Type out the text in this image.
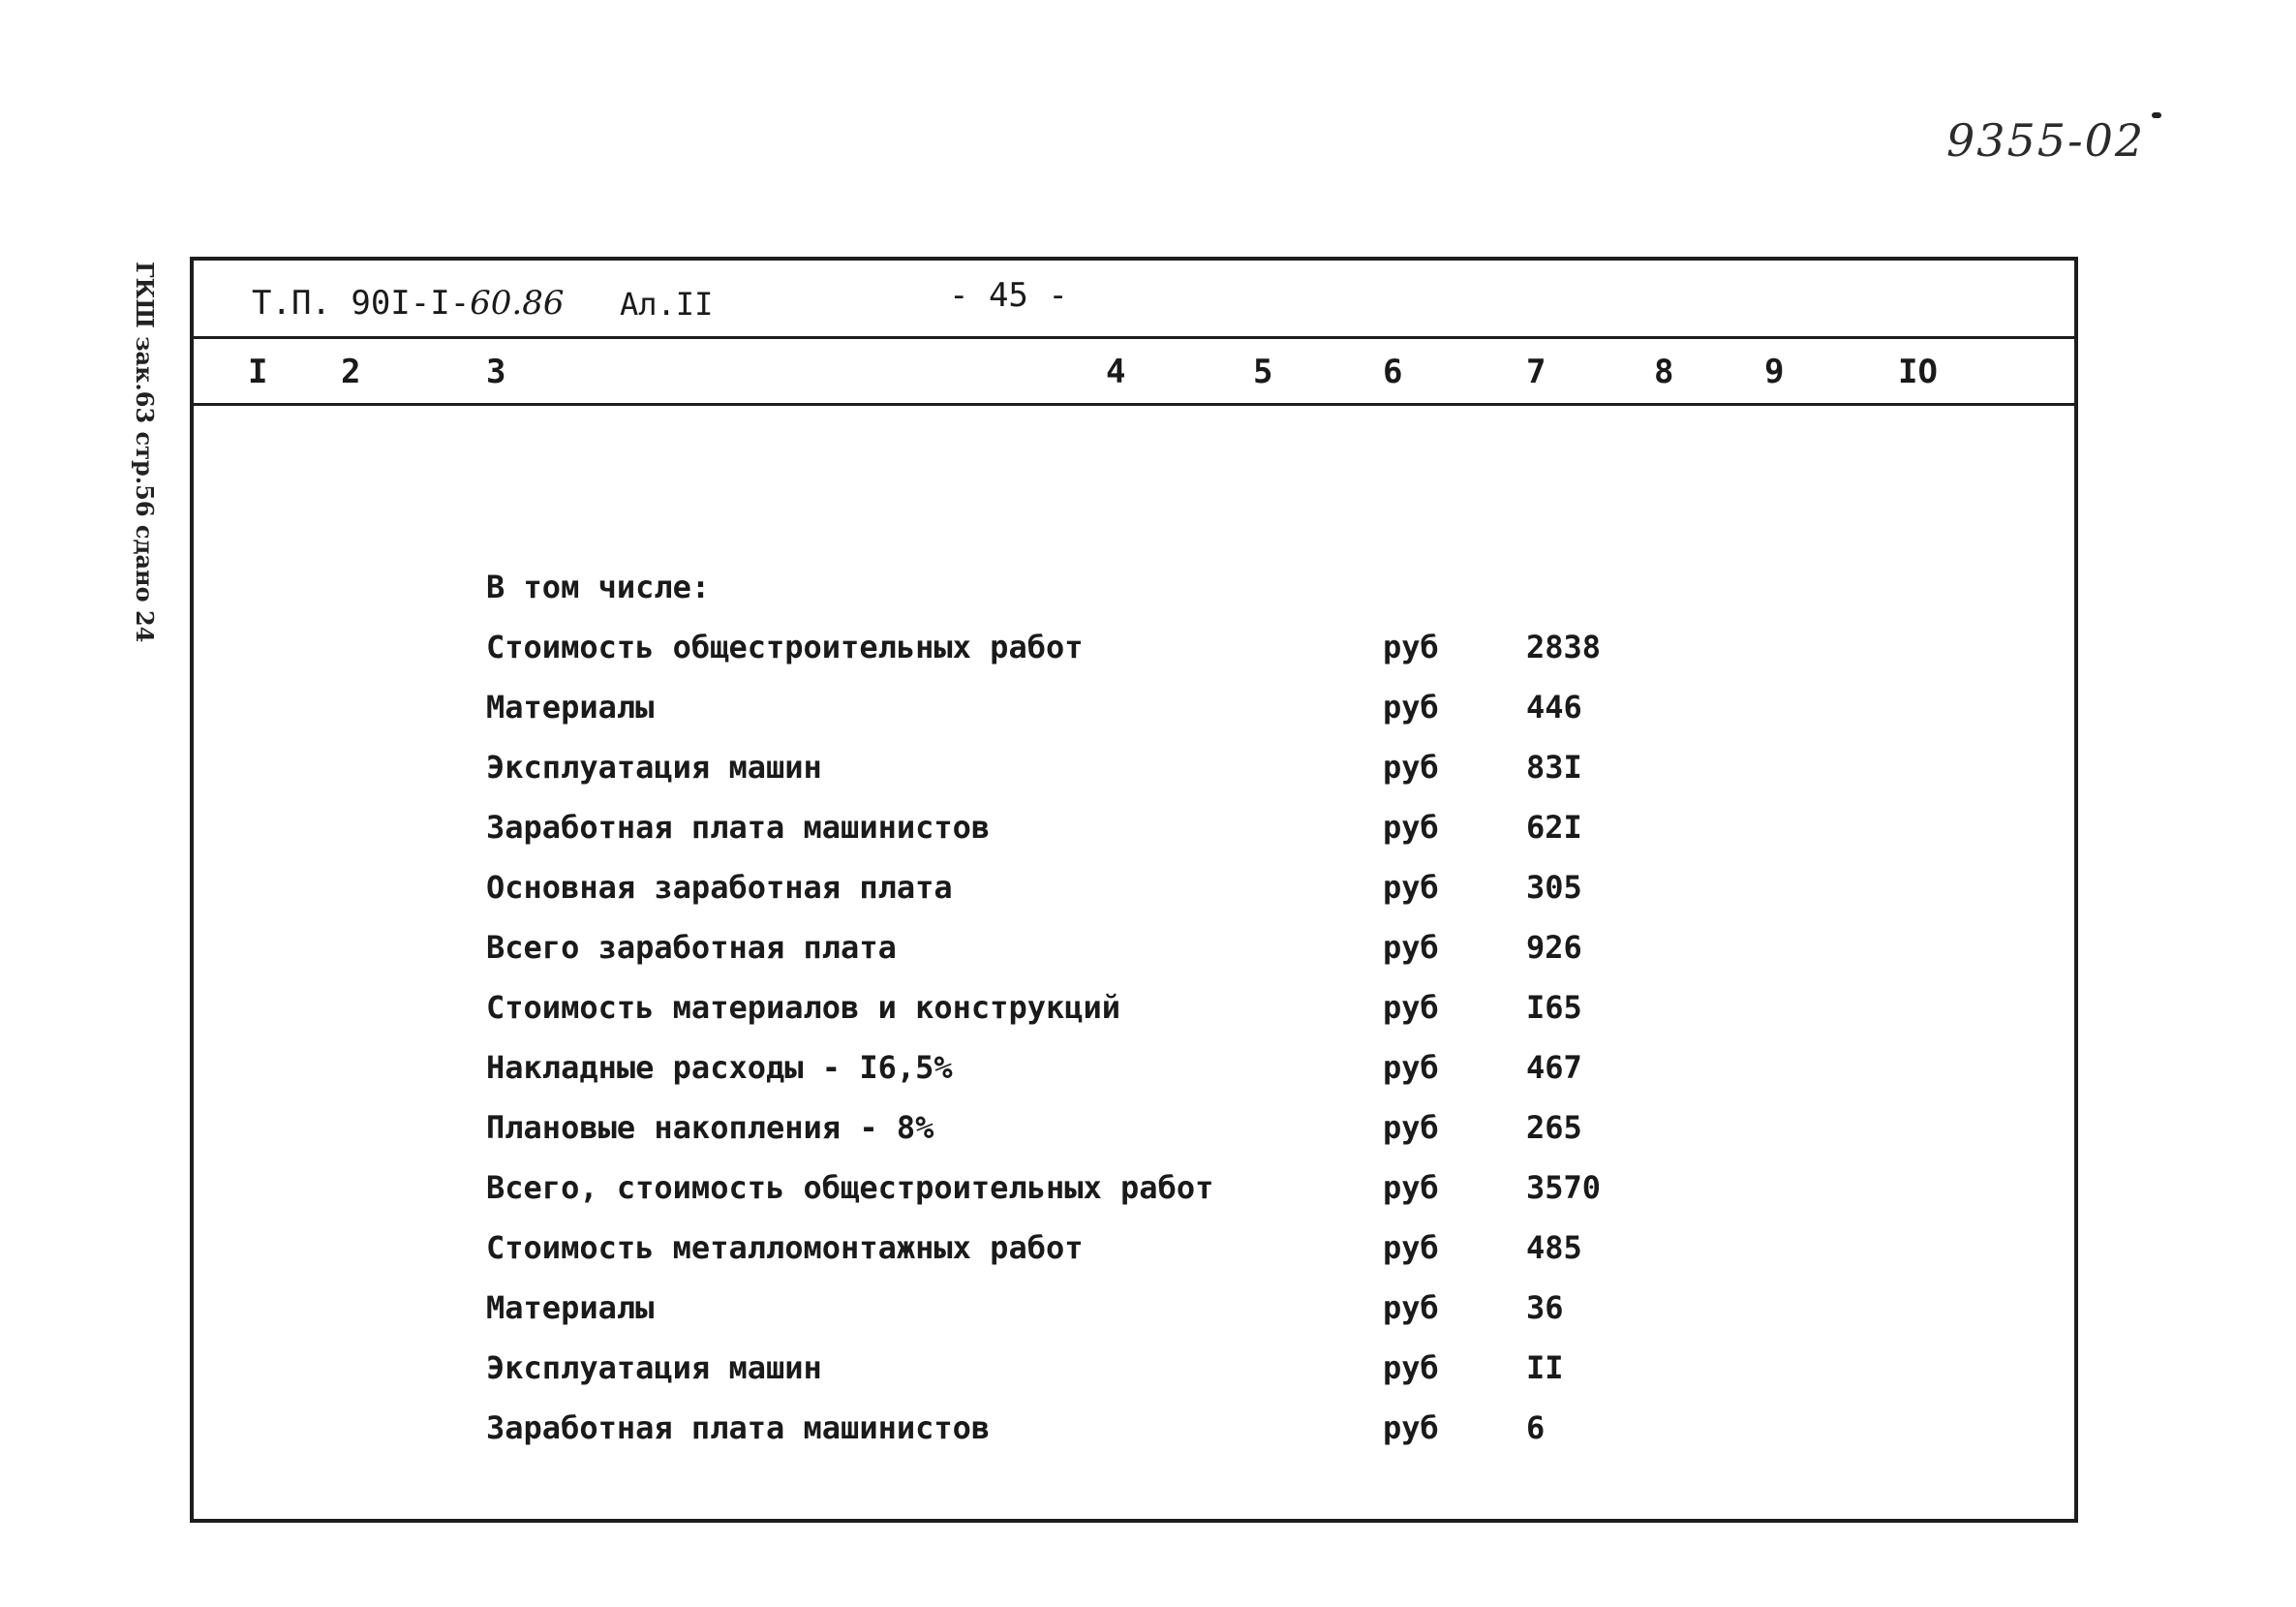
9355-02
ГКШ зак.63 стр.56 сдано 24	Т.П. 90I-I-60.86 Ал.II	- 45 -
I 2	3	4	5	6	7	8	9	IO
В том числе:
Стоимость общестроительных работ	руб	2838
Материалы	руб	446
Эксплуатация машин	руб	83I
Заработная плата машинистов	руб	62I
Основная заработная плата	руб	305
Всего заработная плата	руб	926
Стоимость материалов и конструкций	руб	I65
Накладные расходы - I6,5%	руб	467
Плановые накопления - 8%	руб	265
Всего, стоимость общестроительных работ	руб	3570
Стоимость металломонтажных работ	руб	485
Материалы	руб	36
Эксплуатация машин	руб	II
Заработная плата машинистов	руб	6
